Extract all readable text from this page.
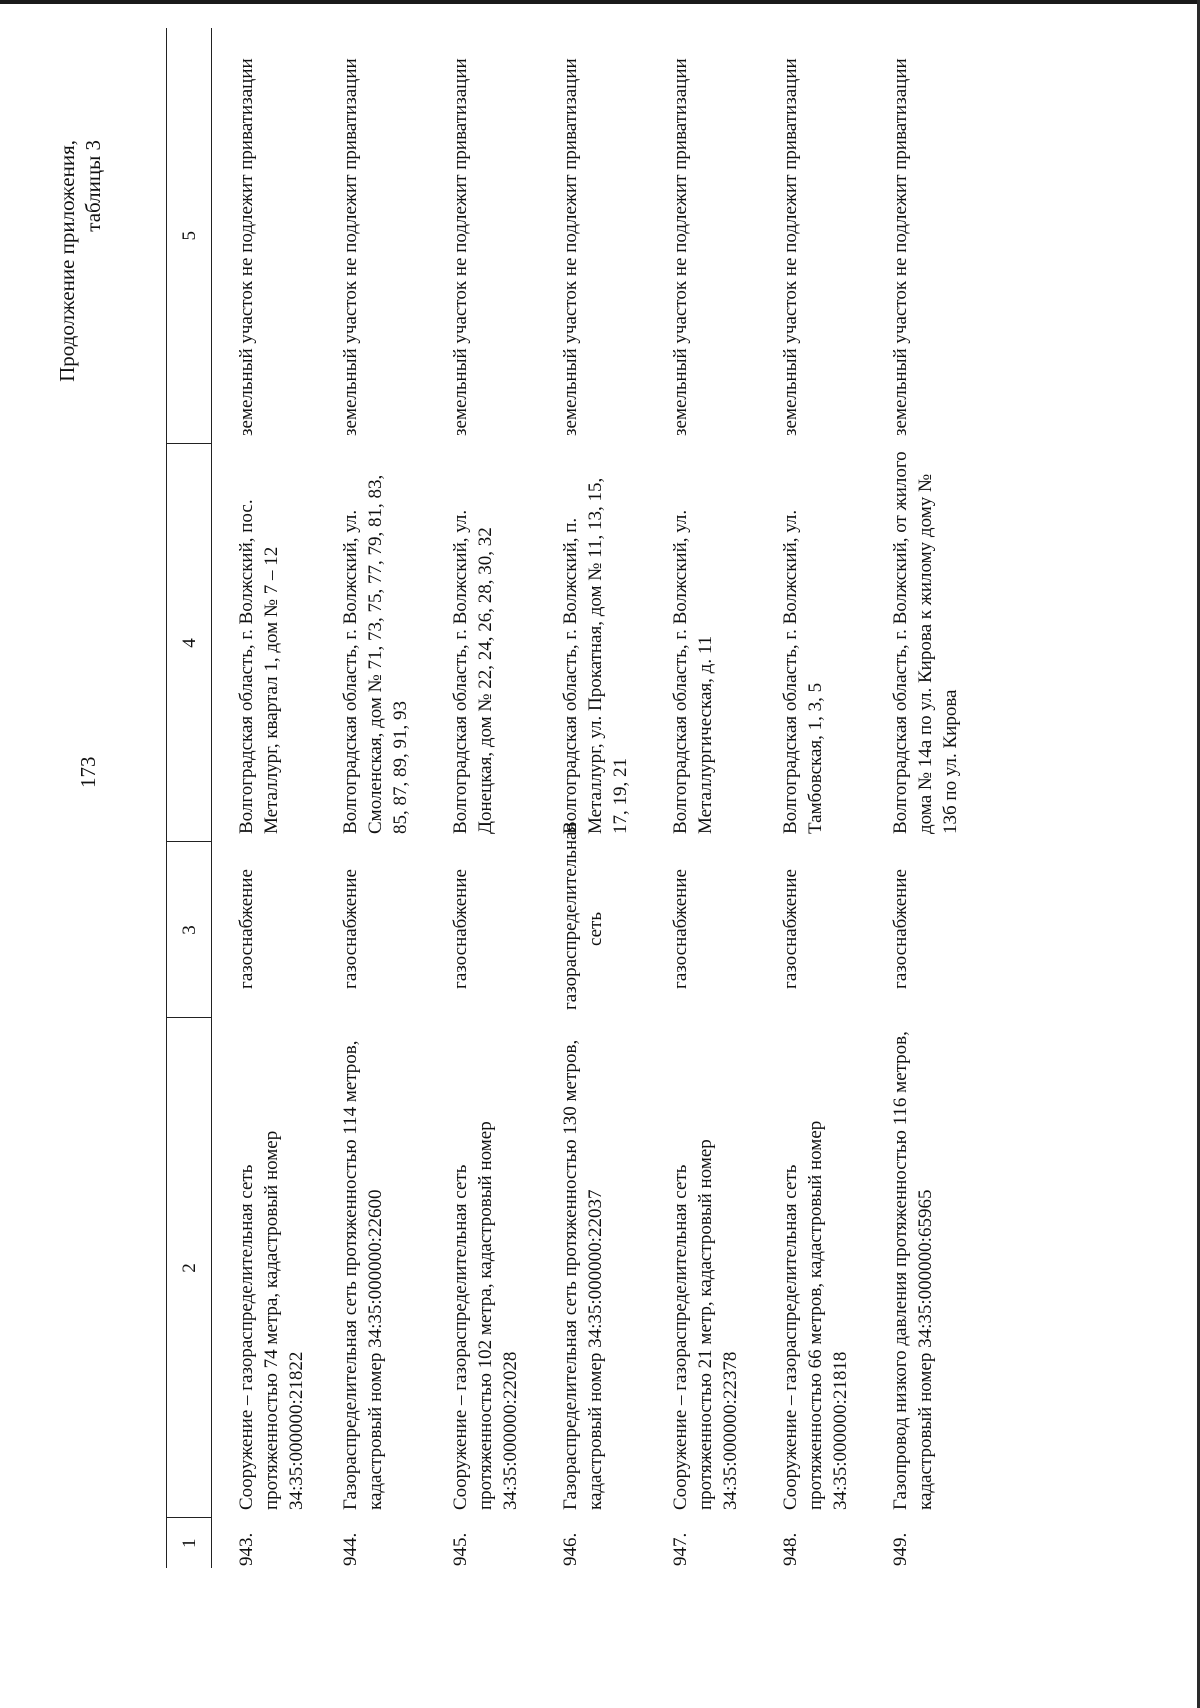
173
Продолжение приложения, таблицы 3
1	2	3	4	5
943.	Сооружение – газораспределительная сеть протяженностью 74 метра, кадастровый номер 34:35:000000:21822	газоснабжение	Волгоградская область, г. Волжский, пос. Металлург, квартал 1, дом № 7 – 12	земельный участок не подлежит приватизации
944.	Газораспределительная сеть протяженностью 114 метров, кадастровый номер 34:35:000000:22600	газоснабжение	Волгоградская область, г. Волжский, ул. Смоленская, дом № 71, 73, 75, 77, 79, 81, 83, 85, 87, 89, 91, 93	земельный участок не подлежит приватизации
945.	Сооружение – газораспределительная сеть протяженностью 102 метра, кадастровый номер 34:35:000000:22028	газоснабжение	Волгоградская область, г. Волжский, ул. Донецкая, дом № 22, 24, 26, 28, 30, 32	земельный участок не подлежит приватизации
946.	Газораспределительная сеть протяженностью 130 метров, кадастровый номер 34:35:000000:22037	газораспределительная сеть	Волгоградская область, г. Волжский, п. Металлург, ул. Прокатная, дом № 11, 13, 15, 17, 19, 21	земельный участок не подлежит приватизации
947.	Сооружение – газораспределительная сеть протяженностью 21 метр, кадастровый номер 34:35:000000:22378	газоснабжение	Волгоградская область, г. Волжский, ул. Металлургическая, д. 11	земельный участок не подлежит приватизации
948.	Сооружение – газораспределительная сеть протяженностью 66 метров, кадастровый номер 34:35:000000:21818	газоснабжение	Волгоградская область, г. Волжский, ул. Тамбовская, 1, 3, 5	земельный участок не подлежит приватизации
949.	Газопровод низкого давления протяженностью 116 метров, кадастровый номер 34:35:000000:65965	газоснабжение	Волгоградская область, г. Волжский, от жилого дома № 14а по ул. Кирова к жилому дому № 13б по ул. Кирова	земельный участок не подлежит приватизации
